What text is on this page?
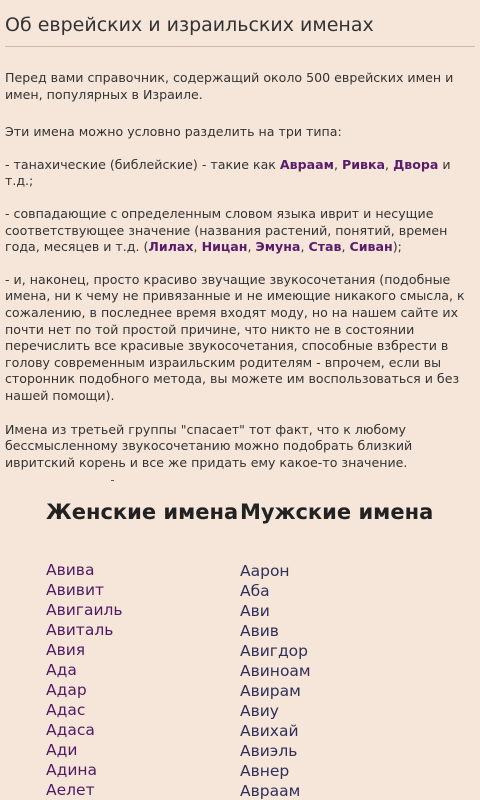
Об еврейских и израильских именах

Перед вами справочник, содержащий около 500 еврейских имен и имен, популярных в Израиле.

Эти имена можно условно разделить на три типа:

- танахические (библейские) - такие как Авраам, Ривка, Двора и т.д.;

- совпадающие с определенным словом языка иврит и несущие соответствующее значение (названия растений, понятий, времен года, месяцев и т.д. (Лилах, Ницан, Эмуна, Став, Сиван);

- и, наконец, просто красиво звучащие звукосочетания (подобные имена, ни к чему не привязанные и не имеющие никакого смысла, к сожалению, в последнее время входят моду, но на нашем сайте их почти нет по той простой причине, что никто не в состоянии перечислить все красивые звукосочетания, способные взбрести в голову современным израильским родителям - впрочем, если вы сторонник подобного метода, вы можете им воспользоваться и без нашей помощи).

Имена из третьей группы "спасает" тот факт, что к любому бессмысленному звукосочетанию можно подобрать близкий ивритский корень и все же придать ему какое-то значение.

Женские имена
Авива
Авивит
Авигаиль
Авиталь
Авия
Ада
Адар
Адас
Адаса
Ади
Адина
Аелет
Мужские имена
Аарон
Аба
Ави
Авив
Авигдор
Авиноам
Авирам
Авиу
Авихай
Авиэль
Авнер
Авраам
